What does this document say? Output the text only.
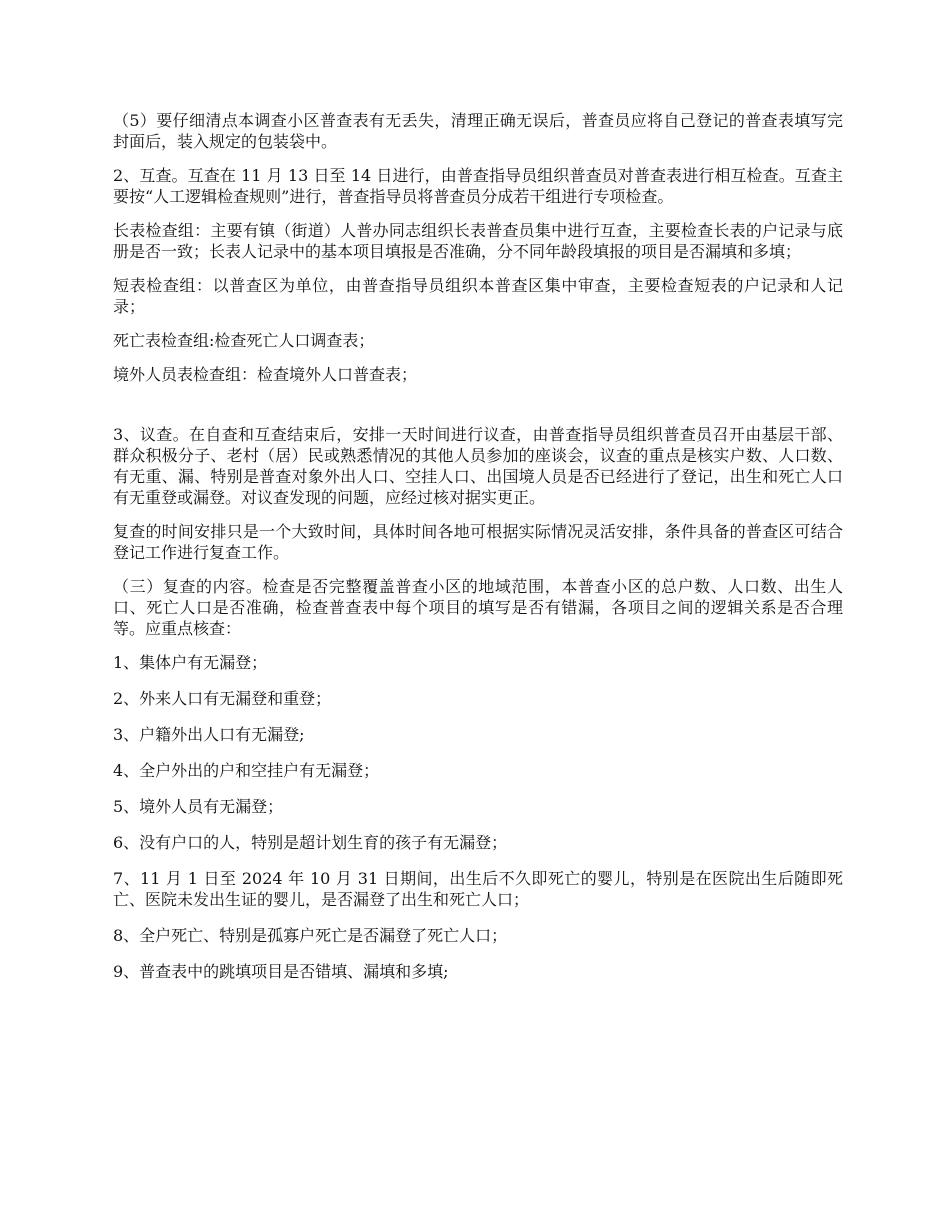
（5）要仔细清点本调查小区普查表有无丢失，清理正确无误后，普查员应将自己登记的普查表填写完封面后，装入规定的包装袋中。

2、互查。互查在 11 月 13 日至 14 日进行，由普查指导员组织普查员对普查表进行相互检查。互查主要按“人工逻辑检查规则”进行，普查指导员将普查员分成若干组进行专项检查。

长表检查组：主要有镇（街道）人普办同志组织长表普查员集中进行互查，主要检查长表的户记录与底册是否一致；长表人记录中的基本项目填报是否准确，分不同年龄段填报的项目是否漏填和多填；

短表检查组：以普查区为单位，由普查指导员组织本普查区集中审查，主要检查短表的户记录和人记录；

死亡表检查组:检查死亡人口调查表；

境外人员表检查组：检查境外人口普查表；

3、议查。在自查和互查结束后，安排一天时间进行议查，由普查指导员组织普查员召开由基层干部、群众积极分子、老村（居）民或熟悉情况的其他人员参加的座谈会，议查的重点是核实户数、人口数、有无重、漏、特别是普查对象外出人口、空挂人口、出国境人员是否已经进行了登记，出生和死亡人口有无重登或漏登。对议查发现的问题，应经过核对据实更正。

复查的时间安排只是一个大致时间，具体时间各地可根据实际情况灵活安排，条件具备的普查区可结合登记工作进行复查工作。

（三）复查的内容。检查是否完整覆盖普查小区的地域范围，本普查小区的总户数、人口数、出生人口、死亡人口是否准确，检查普查表中每个项目的填写是否有错漏，各项目之间的逻辑关系是否合理等。应重点核查：

1、集体户有无漏登；

2、外来人口有无漏登和重登；

3、户籍外出人口有无漏登;

4、全户外出的户和空挂户有无漏登；

5、境外人员有无漏登；

6、没有户口的人，特别是超计划生育的孩子有无漏登；

7、11 月 1 日至 2024 年 10 月 31 日期间，出生后不久即死亡的婴儿，特别是在医院出生后随即死亡、医院未发出生证的婴儿，是否漏登了出生和死亡人口；

8、全户死亡、特别是孤寡户死亡是否漏登了死亡人口；

9、普查表中的跳填项目是否错填、漏填和多填;
